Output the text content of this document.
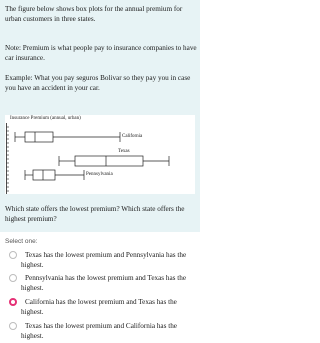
The figure below shows box plots for the annual premium for urban customers in three states.

Note: Premium is what people pay to insurance companies to have car insurance.

Example: What you pay seguros Bolivar so they pay you in case you have an accident in your car.

Insurance Premium (annual, urban)
California
Texas
Pennsylvania

Which state offers the lowest premium? Which state offers the highest premium?

Select one:
Texas has the lowest premium and Pennsylvania has the highest.
Pennsylvania has the lowest premium and Texas has the highest.
California has the lowest premium and Texas has the highest.
Texas has the lowest premium and California has the highest.
